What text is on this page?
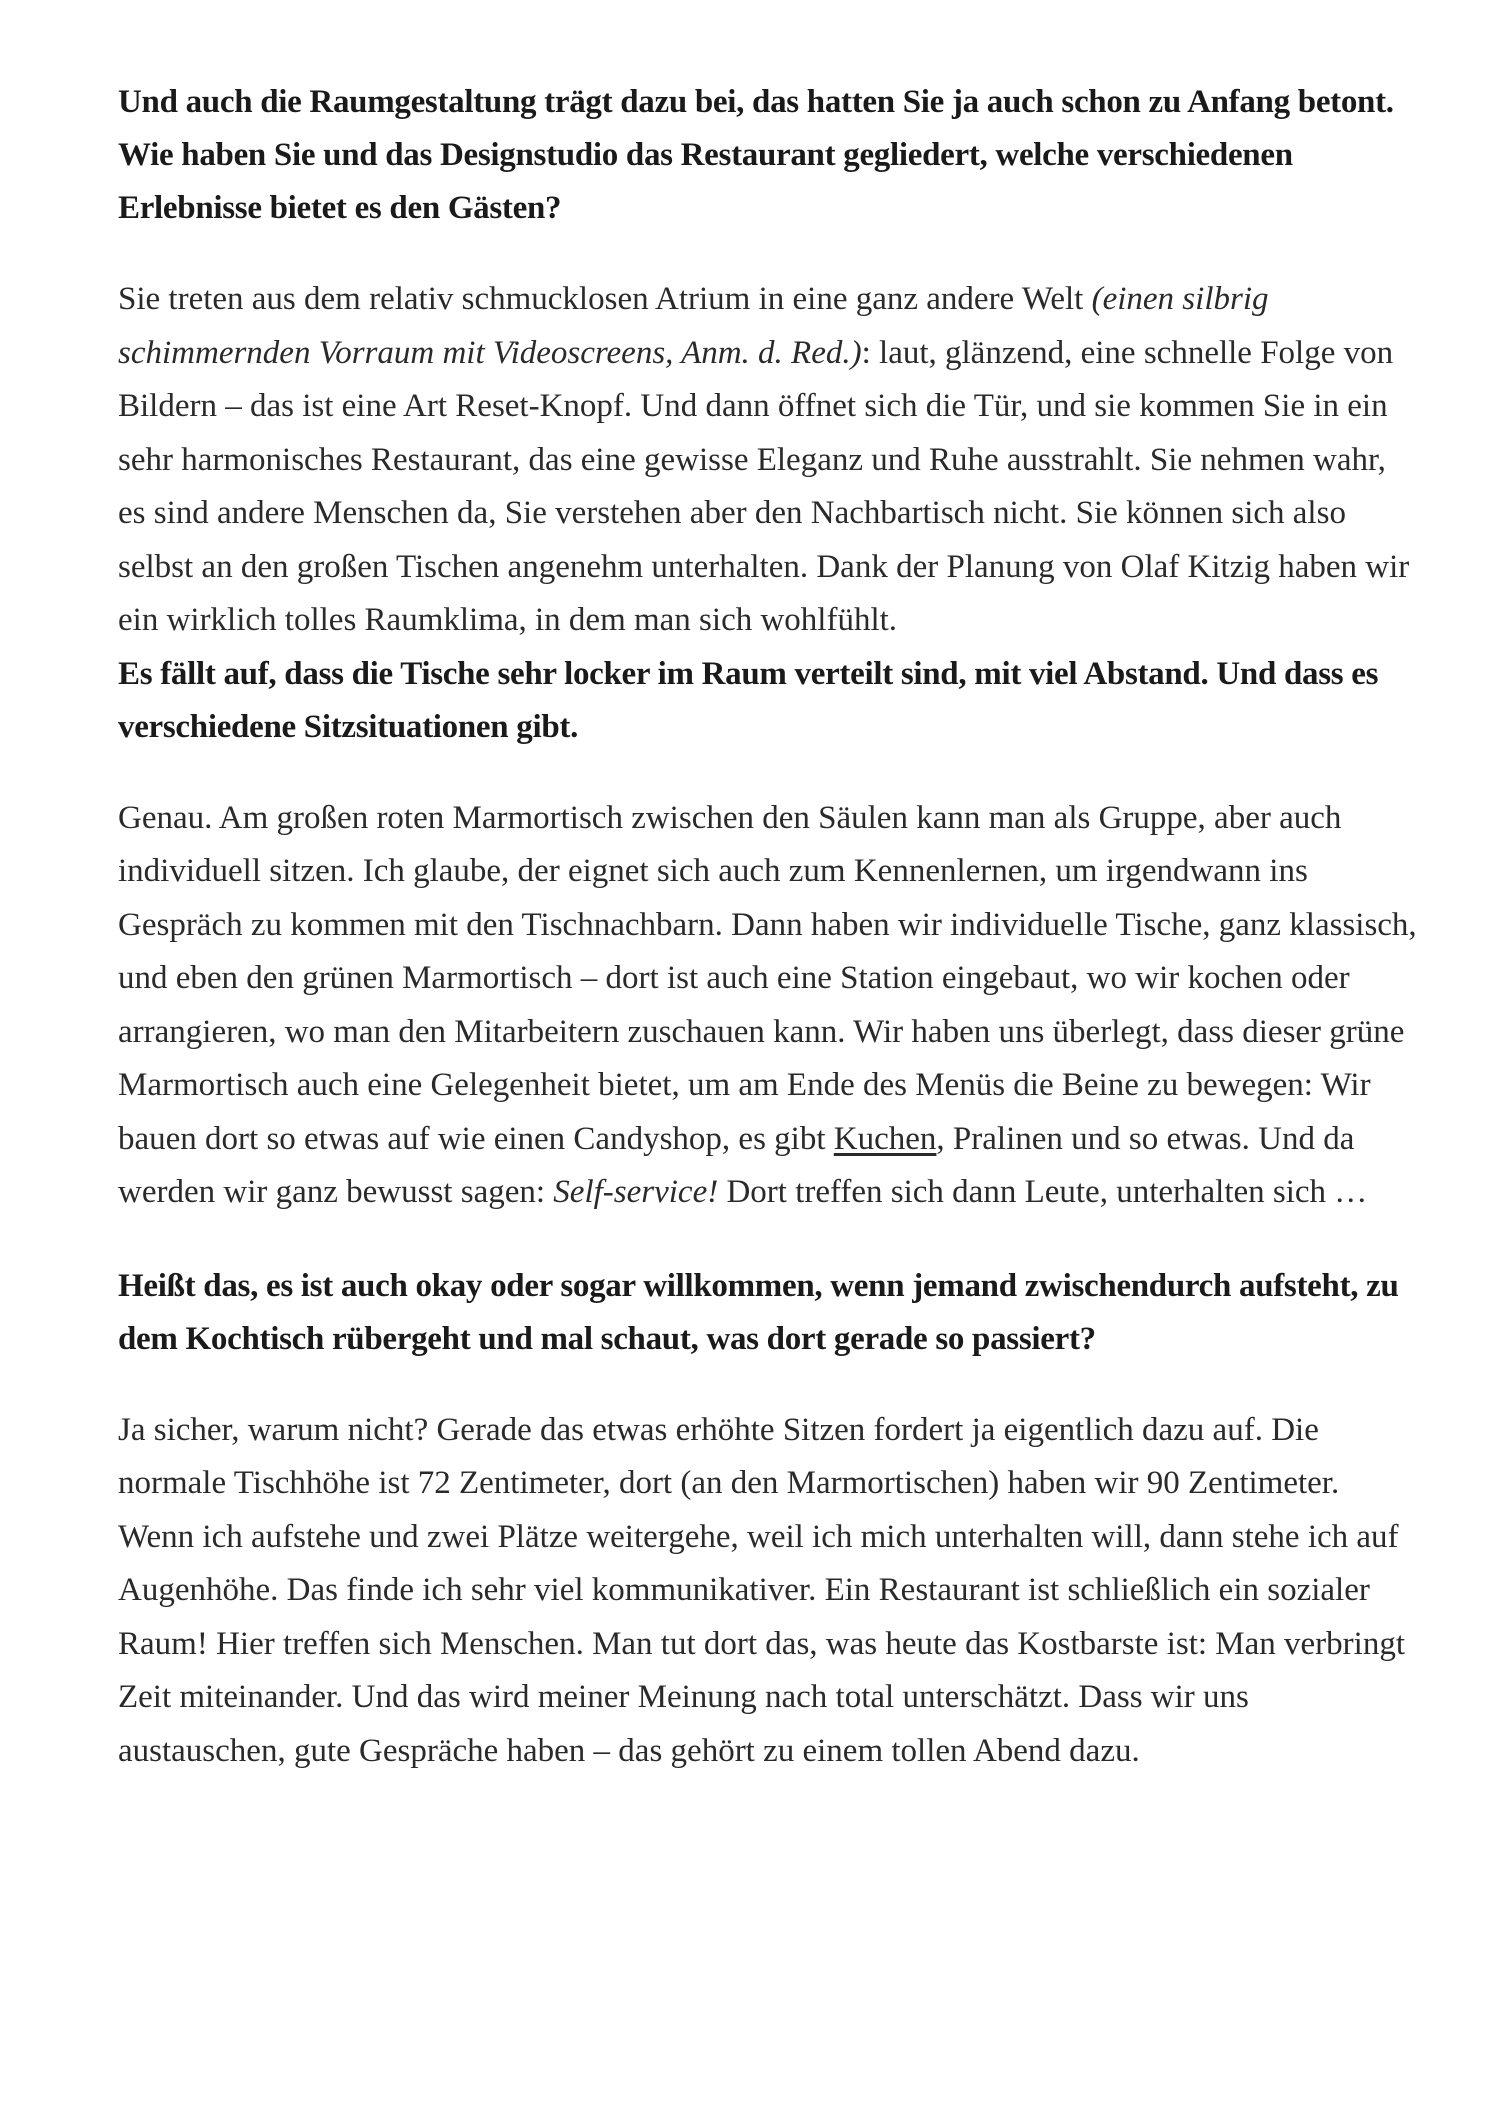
Und auch die Raumgestaltung trägt dazu bei, das hatten Sie ja auch schon zu Anfang betont. Wie haben Sie und das Designstudio das Restaurant gegliedert, welche verschiedenen Erlebnisse bietet es den Gästen?

Sie treten aus dem relativ schmucklosen Atrium in eine ganz andere Welt (einen silbrig schimmernden Vorraum mit Videoscreens, Anm. d. Red.): laut, glänzend, eine schnelle Folge von Bildern – das ist eine Art Reset-Knopf. Und dann öffnet sich die Tür, und sie kommen Sie in ein sehr harmonisches Restaurant, das eine gewisse Eleganz und Ruhe ausstrahlt. Sie nehmen wahr, es sind andere Menschen da, Sie verstehen aber den Nachbartisch nicht. Sie können sich also selbst an den großen Tischen angenehm unterhalten. Dank der Planung von Olaf Kitzig haben wir ein wirklich tolles Raumklima, in dem man sich wohlfühlt.

Es fällt auf, dass die Tische sehr locker im Raum verteilt sind, mit viel Abstand. Und dass es verschiedene Sitzsituationen gibt.

Genau. Am großen roten Marmortisch zwischen den Säulen kann man als Gruppe, aber auch individuell sitzen. Ich glaube, der eignet sich auch zum Kennenlernen, um irgendwann ins Gespräch zu kommen mit den Tischnachbarn. Dann haben wir individuelle Tische, ganz klassisch, und eben den grünen Marmortisch – dort ist auch eine Station eingebaut, wo wir kochen oder arrangieren, wo man den Mitarbeitern zuschauen kann. Wir haben uns überlegt, dass dieser grüne Marmortisch auch eine Gelegenheit bietet, um am Ende des Menüs die Beine zu bewegen: Wir bauen dort so etwas auf wie einen Candyshop, es gibt Kuchen, Pralinen und so etwas. Und da werden wir ganz bewusst sagen: Self-service! Dort treffen sich dann Leute, unterhalten sich …

Heißt das, es ist auch okay oder sogar willkommen, wenn jemand zwischendurch aufsteht, zu dem Kochtisch rübergeht und mal schaut, was dort gerade so passiert?

Ja sicher, warum nicht? Gerade das etwas erhöhte Sitzen fordert ja eigentlich dazu auf. Die normale Tischhöhe ist 72 Zentimeter, dort (an den Marmortischen) haben wir 90 Zentimeter. Wenn ich aufstehe und zwei Plätze weitergehe, weil ich mich unterhalten will, dann stehe ich auf Augenhöhe. Das finde ich sehr viel kommunikativer. Ein Restaurant ist schließlich ein sozialer Raum! Hier treffen sich Menschen. Man tut dort das, was heute das Kostbarste ist: Man verbringt Zeit miteinander. Und das wird meiner Meinung nach total unterschätzt. Dass wir uns austauschen, gute Gespräche haben – das gehört zu einem tollen Abend dazu.
